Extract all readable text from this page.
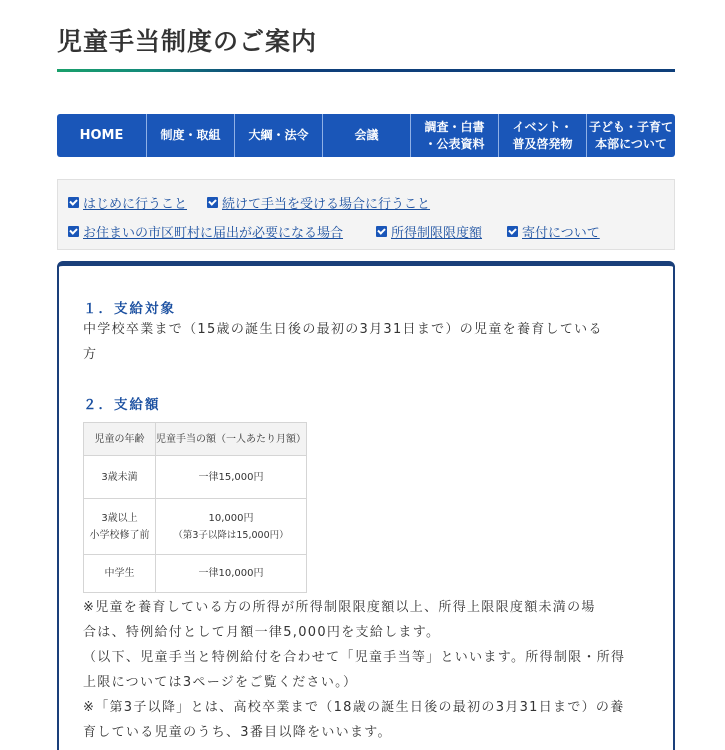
児童手当制度のご案内
HOME	制度・取組 大綱・法令	会議
調査・白書
・公表資料
イベント・
普及啓発物
子ども・子育て
本部について
はじめに行うこと	続けて手当を受ける場合に行うこと
お住まいの市区町村に届出が必要になる場合	所得制限限度額	寄付について
１．支給対象
中学校卒業まで（15歳の誕生日後の最初の3月31日まで）の児童を養育している
方
２．支給額
児童の年齢	児童手当の額（一人あたり月額）
3歳未満	一律15,000円
3歳以上
小学校修了前	10,000円
（第3子以降は15,000円）
中学生	一律10,000円
※児童を養育している方の所得が所得制限限度額以上、所得上限限度額未満の場
合は、特例給付として月額一律5,000円を支給します。
（以下、児童手当と特例給付を合わせて「児童手当等」といいます。所得制限・所得
上限については3ページをご覧ください。）
※「第3子以降」とは、高校卒業まで（18歳の誕生日後の最初の3月31日まで）の養
育している児童のうち、3番目以降をいいます。
